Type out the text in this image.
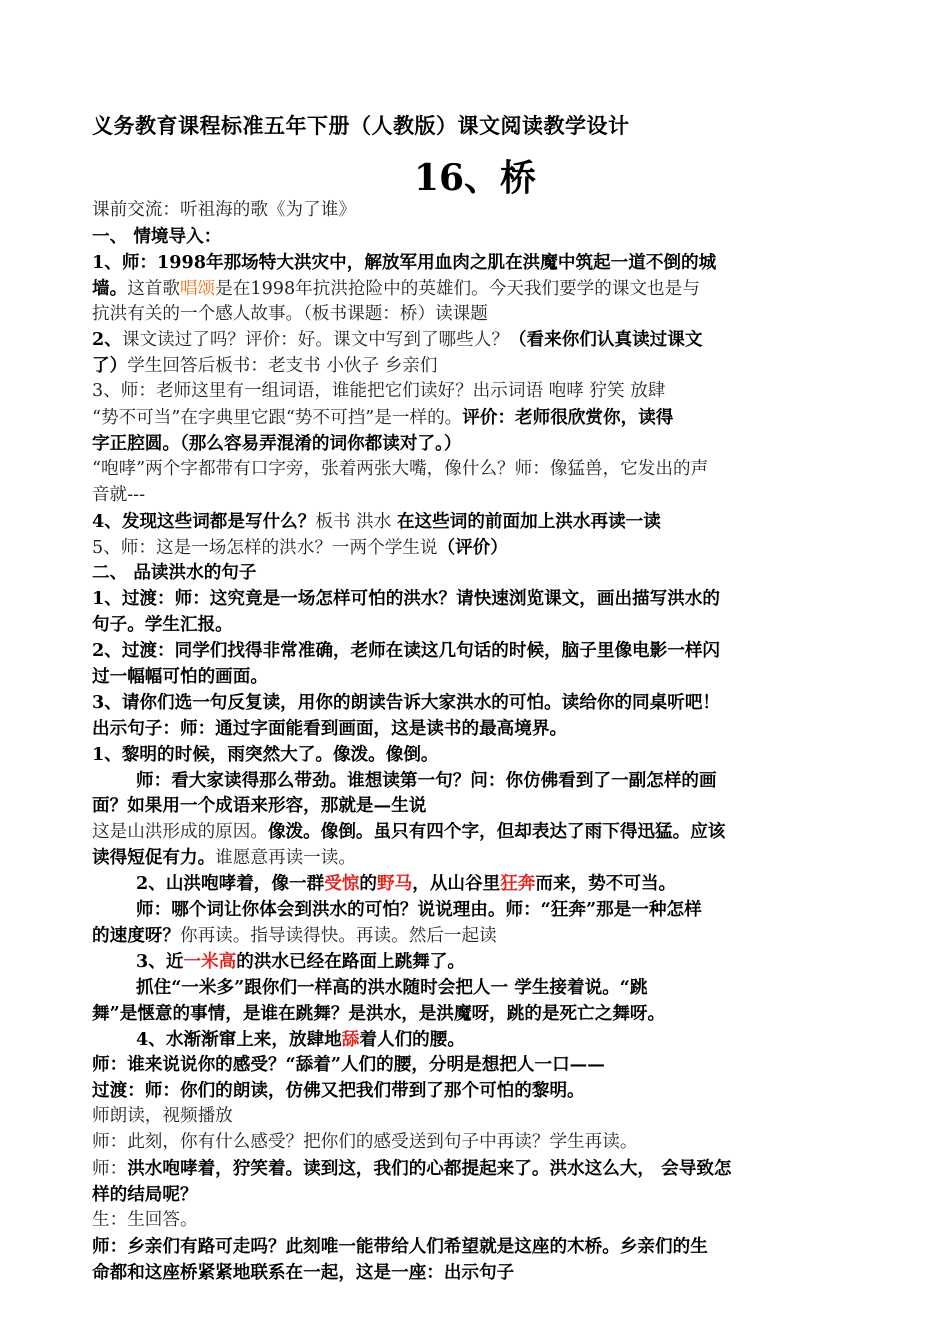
义务教育课程标准五年下册（人教版）课文阅读教学设计
16、桥
课前交流：听祖海的歌《为了谁》
一、 情境导入：
1、师：1998年那场特大洪灾中，解放军用血肉之肌在洪魔中筑起一道不倒的城
墙。这首歌唱颂是在1998年抗洪抢险中的英雄们。今天我们要学的课文也是与
抗洪有关的一个感人故事。（板书课题：桥）读课题
2、课文读过了吗？评价：好。课文中写到了哪些人？（看来你们认真读过课文
了）学生回答后板书：老支书 小伙子 乡亲们
3、师：老师这里有一组词语，谁能把它们读好？出示词语 咆哮 狞笑 放肆
“势不可当”在字典里它跟“势不可挡”是一样的。评价：老师很欣赏你，读得
字正腔圆。（那么容易弄混淆的词你都读对了。）
“咆哮”两个字都带有口字旁，张着两张大嘴，像什么？师：像猛兽，它发出的声
音就---
4、发现这些词都是写什么？板书 洪水 在这些词的前面加上洪水再读一读
5、师：这是一场怎样的洪水？一两个学生说（评价）
二、 品读洪水的句子
1、过渡：师：这究竟是一场怎样可怕的洪水？请快速浏览课文，画出描写洪水的
句子。学生汇报。
2、过渡：同学们找得非常准确，老师在读这几句话的时候，脑子里像电影一样闪
过一幅幅可怕的画面。
3、请你们选一句反复读，用你的朗读告诉大家洪水的可怕。读给你的同桌听吧！
出示句子：师：通过字面能看到画面，这是读书的最高境界。
1、黎明的时候，雨突然大了。像泼。像倒。
师：看大家读得那么带劲。谁想读第一句？问：你仿佛看到了一副怎样的画
面？如果用一个成语来形容，那就是—生说
这是山洪形成的原因。像泼。像倒。虽只有四个字，但却表达了雨下得迅猛。应该
读得短促有力。谁愿意再读一读。
2、山洪咆哮着，像一群受惊的野马，从山谷里狂奔而来，势不可当。
师：哪个词让你体会到洪水的可怕？说说理由。师：“狂奔”那是一种怎样
的速度呀？你再读。指导读得快。再读。然后一起读
3、近一米高的洪水已经在路面上跳舞了。
抓住“一米多”跟你们一样高的洪水随时会把人一 学生接着说。“跳
舞”是惬意的事情，是谁在跳舞？是洪水，是洪魔呀，跳的是死亡之舞呀。
4、水渐渐窜上来，放肆地舔着人们的腰。
师：谁来说说你的感受？“舔着”人们的腰，分明是想把人一口——
过渡：师：你们的朗读，仿佛又把我们带到了那个可怕的黎明。
师朗读，视频播放
师：此刻，你有什么感受？把你们的感受送到句子中再读？学生再读。
师：洪水咆哮着，狞笑着。读到这，我们的心都提起来了。洪水这么大， 会导致怎
样的结局呢？
生：生回答。
师：乡亲们有路可走吗？此刻唯一能带给人们希望就是这座的木桥。乡亲们的生
命都和这座桥紧紧地联系在一起，这是一座：出示句子
